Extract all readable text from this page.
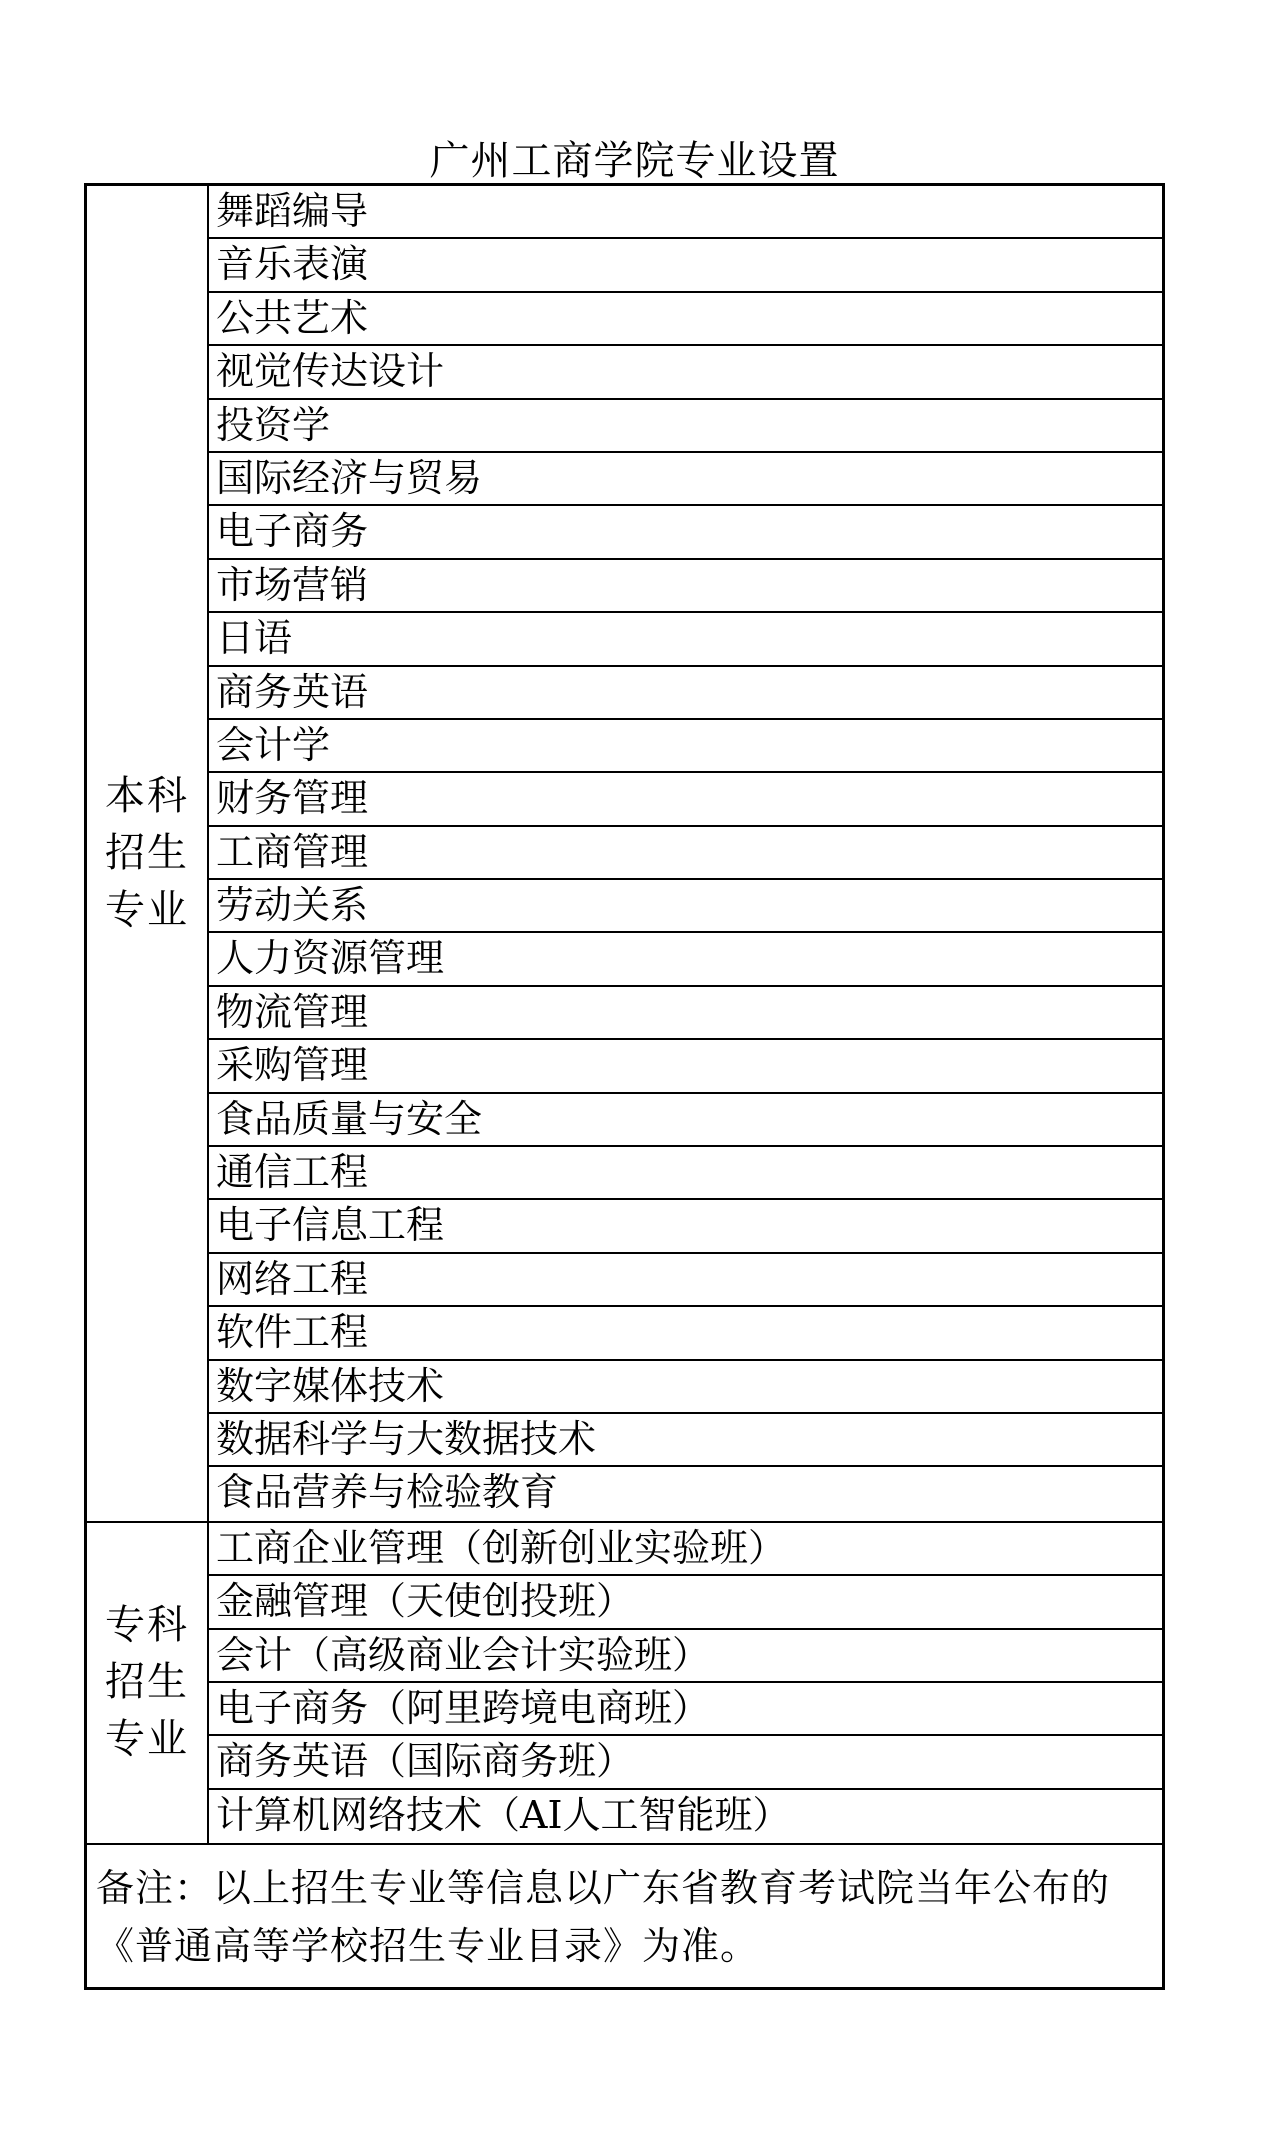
广州工商学院专业设置
本科招生专业
舞蹈编导
音乐表演
公共艺术
视觉传达设计
投资学
国际经济与贸易
电子商务
市场营销
日语
商务英语
会计学
财务管理
工商管理
劳动关系
人力资源管理
物流管理
采购管理
食品质量与安全
通信工程
电子信息工程
网络工程
软件工程
数字媒体技术
数据科学与大数据技术
食品营养与检验教育
专科招生专业
工商企业管理（创新创业实验班）
金融管理（天使创投班）
会计（高级商业会计实验班）
电子商务（阿里跨境电商班）
商务英语（国际商务班）
计算机网络技术（AI人工智能班）
备注：以上招生专业等信息以广东省教育考试院当年公布的《普通高等学校招生专业目录》为准。
